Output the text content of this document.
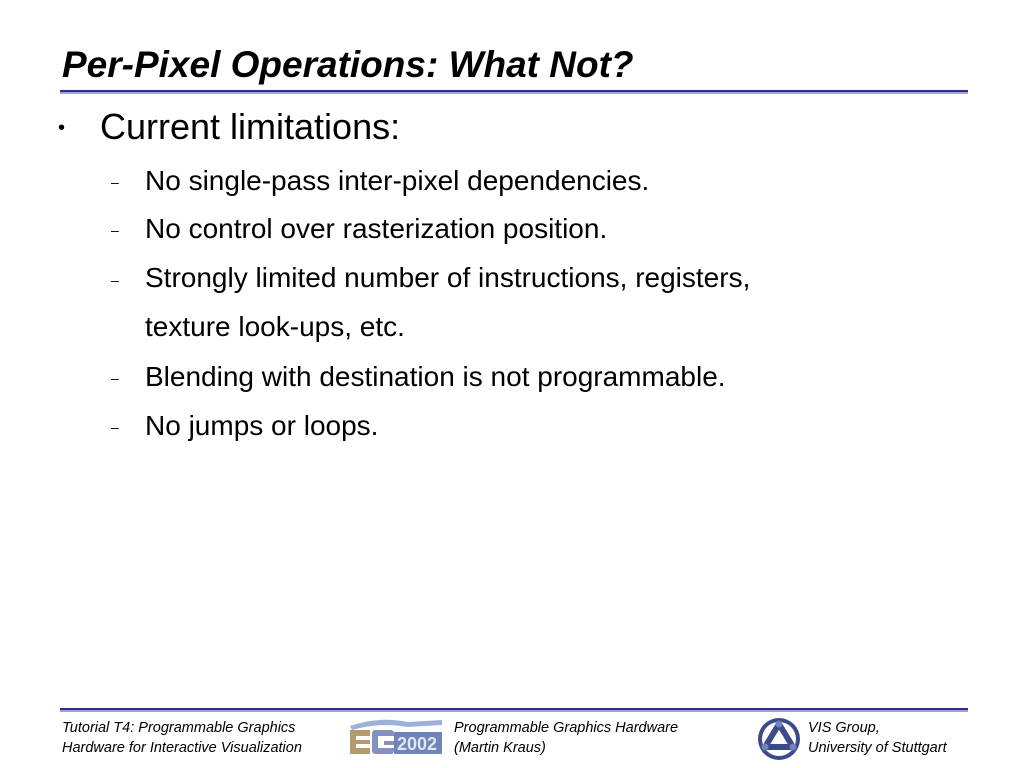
Per-Pixel Operations: What Not?
• Current limitations:
– No single-pass inter-pixel dependencies.
– No control over rasterization position.
– Strongly limited number of instructions, registers,
texture look-ups, etc.
– Blending with destination is not programmable.
– No jumps or loops.
Tutorial T4: Programmable Graphics
Hardware for Interactive Visualization	2002
Programmable Graphics Hardware
(Martin Kraus)
VIS Group,
University of Stuttgart
